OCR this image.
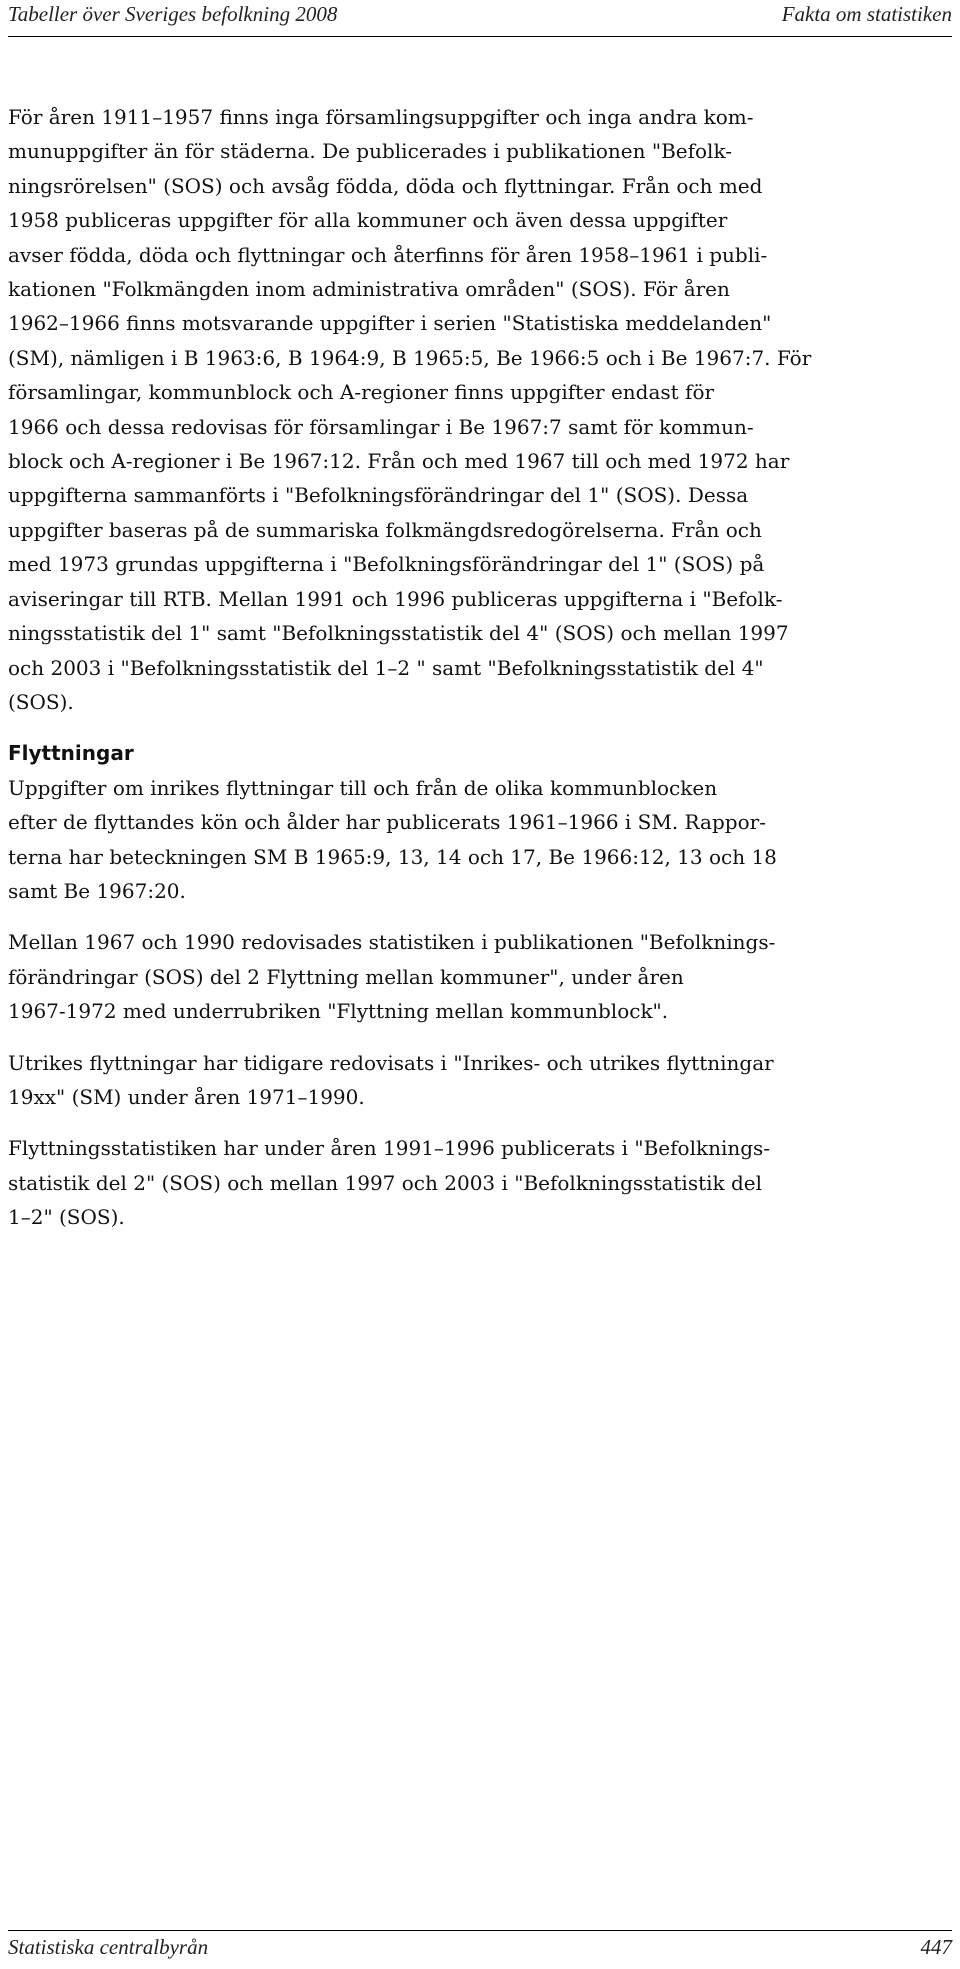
Tabeller över Sveriges befolkning 2008	Fakta om statistiken

För åren 1911–1957 finns inga församlingsuppgifter och inga andra kom-
munuppgifter än för städerna. De publicerades i publikationen "Befolk-
ningsrörelsen" (SOS) och avsåg födda, döda och flyttningar. Från och med
1958 publiceras uppgifter för alla kommuner och även dessa uppgifter
avser födda, döda och flyttningar och återfinns för åren 1958–1961 i publi-
kationen "Folkmängden inom administrativa områden" (SOS). För åren
1962–1966 finns motsvarande uppgifter i serien "Statistiska meddelanden"
(SM), nämligen i B 1963:6, B 1964:9, B 1965:5, Be 1966:5 och i Be 1967:7. För
församlingar, kommunblock och A-regioner finns uppgifter endast för
1966 och dessa redovisas för församlingar i Be 1967:7 samt för kommun-
block och A-regioner i Be 1967:12. Från och med 1967 till och med 1972 har
uppgifterna sammanförts i "Befolkningsförändringar del 1" (SOS). Dessa
uppgifter baseras på de summariska folkmängdsredogörelserna. Från och
med 1973 grundas uppgifterna i "Befolkningsförändringar del 1" (SOS) på
aviseringar till RTB. Mellan 1991 och 1996 publiceras uppgifterna i "Befolk-
ningsstatistik del 1" samt "Befolkningsstatistik del 4" (SOS) och mellan 1997
och 2003 i "Befolkningsstatistik del 1–2 " samt "Befolkningsstatistik del 4"
(SOS).

Flyttningar

Uppgifter om inrikes flyttningar till och från de olika kommunblocken
efter de flyttandes kön och ålder har publicerats 1961–1966 i SM. Rappor-
terna har beteckningen SM B 1965:9, 13, 14 och 17, Be 1966:12, 13 och 18
samt Be 1967:20.

Mellan 1967 och 1990 redovisades statistiken i publikationen "Befolknings-
förändringar (SOS) del 2 Flyttning mellan kommuner", under åren
1967-1972 med underrubriken "Flyttning mellan kommunblock".

Utrikes flyttningar har tidigare redovisats i "Inrikes- och utrikes flyttningar
19xx" (SM) under åren 1971–1990.

Flyttningsstatistiken har under åren 1991–1996 publicerats i "Befolknings-
statistik del 2" (SOS) och mellan 1997 och 2003 i "Befolkningsstatistik del
1–2" (SOS).

Statistiska centralbyrån	447
